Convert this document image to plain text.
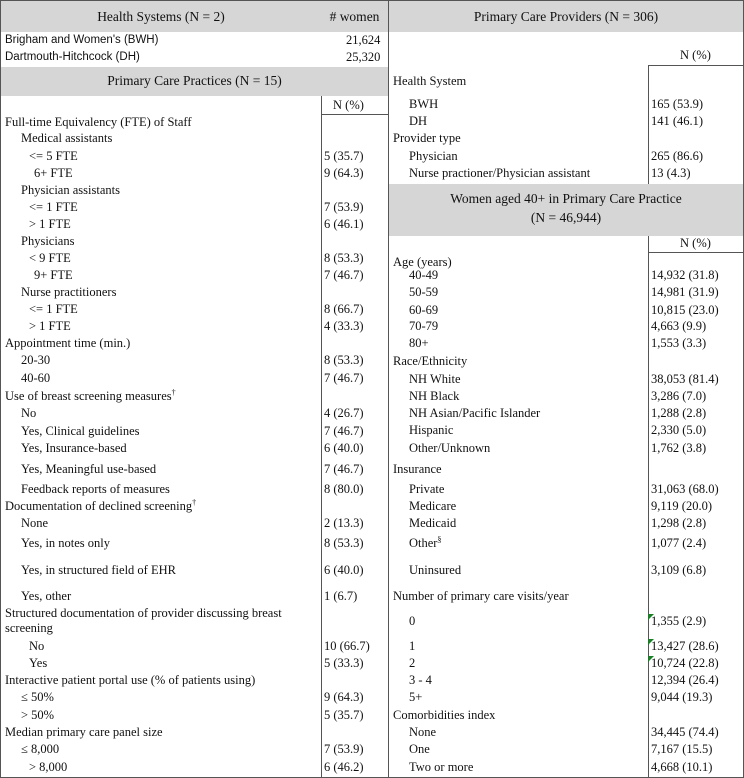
Health Systems (N = 2)	# women
Brigham and Women's (BWH)	21,624
Dartmouth-Hitchcock (DH)	25,320
Primary Care Practices (N = 15)
N (%)
Full-time Equivalency (FTE) of Staff
Medical assistants
<= 5 FTE	5 (35.7)
6+ FTE	9 (64.3)
Physician assistants
<= 1 FTE	7 (53.9)
> 1 FTE	6 (46.1)
Physicians
< 9 FTE	8 (53.3)
9+ FTE	7 (46.7)
Nurse practitioners
<= 1 FTE	8 (66.7)
> 1 FTE	4 (33.3)
Appointment time (min.)
20-30	8 (53.3)
40-60	7 (46.7)
Use of breast screening measures†
No	4 (26.7)
Yes, Clinical guidelines	7 (46.7)
Yes, Insurance-based	6 (40.0)
Yes, Meaningful use-based	7 (46.7)
Feedback reports of measures	8 (80.0)
Documentation of declined screening†
None	2 (13.3)
Yes, in notes only	8 (53.3)
Yes, in structured field of EHR	6 (40.0)
Yes, other	1 (6.7)
Structured documentation of provider discussing breast screening
No	10 (66.7)
Yes	5 (33.3)
Interactive patient portal use (% of patients using)
≤ 50%	9 (64.3)
> 50%	5 (35.7)
Median primary care panel size
≤ 8,000	7 (53.9)
> 8,000	6 (46.2)
Primary Care Providers (N = 306)
N (%)
Health System
BWH	165 (53.9)
DH	141 (46.1)
Provider type
Physician	265 (86.6)
Nurse practioner/Physician assistant	13 (4.3)
Women aged 40+ in Primary Care Practice
(N = 46,944)
N (%)
Age (years)
40-49	14,932 (31.8)
50-59	14,981 (31.9)
60-69	10,815 (23.0)
70-79	4,663 (9.9)
80+	1,553 (3.3)
Race/Ethnicity
NH White	38,053 (81.4)
NH Black	3,286 (7.0)
NH Asian/Pacific Islander	1,288 (2.8)
Hispanic	2,330 (5.0)
Other/Unknown	1,762 (3.8)
Insurance
Private	31,063 (68.0)
Medicare	9,119 (20.0)
Medicaid	1,298 (2.8)
Other§	1,077 (2.4)
Uninsured	3,109 (6.8)
Number of primary care visits/year
0	1,355 (2.9)
1	13,427 (28.6)
2	10,724 (22.8)
3 - 4	12,394 (26.4)
5+	9,044 (19.3)
Comorbidities index
None	34,445 (74.4)
One	7,167 (15.5)
Two or more	4,668 (10.1)
